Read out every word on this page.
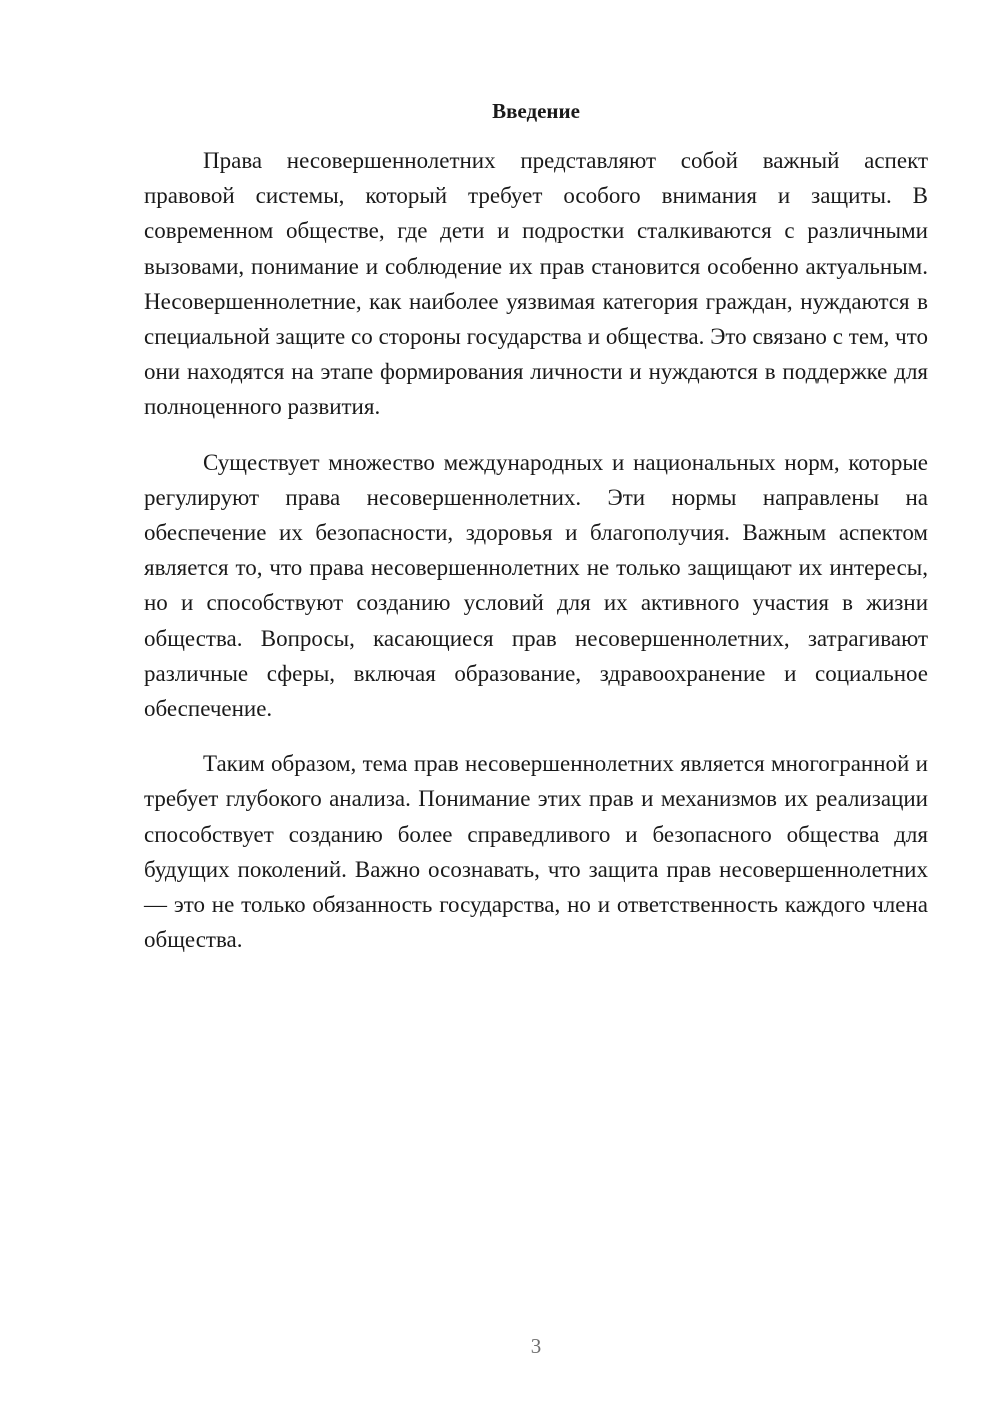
Введение

Права несовершеннолетних представляют собой важный аспект правовой системы, который требует особого внимания и защиты. В современном обществе, где дети и подростки сталкиваются с различными вызовами, понимание и соблюдение их прав становится особенно актуальным. Несовершеннолетние, как наиболее уязвимая категория граждан, нуждаются в специальной защите со стороны государства и общества. Это связано с тем, что они находятся на этапе формирования личности и нуждаются в поддержке для полноценного развития.

Существует множество международных и национальных норм, которые регулируют права несовершеннолетних. Эти нормы направлены на обеспечение их безопасности, здоровья и благополучия. Важным аспектом является то, что права несовершеннолетних не только защищают их интересы, но и способствуют созданию условий для их активного участия в жизни общества. Вопросы, касающиеся прав несовершеннолетних, затрагивают различные сферы, включая образование, здравоохранение и социальное обеспечение.

Таким образом, тема прав несовершеннолетних является многогранной и требует глубокого анализа. Понимание этих прав и механизмов их реализации способствует созданию более справедливого и безопасного общества для будущих поколений. Важно осознавать, что защита прав несовершеннолетних — это не только обязанность государства, но и ответственность каждого члена общества.

3
